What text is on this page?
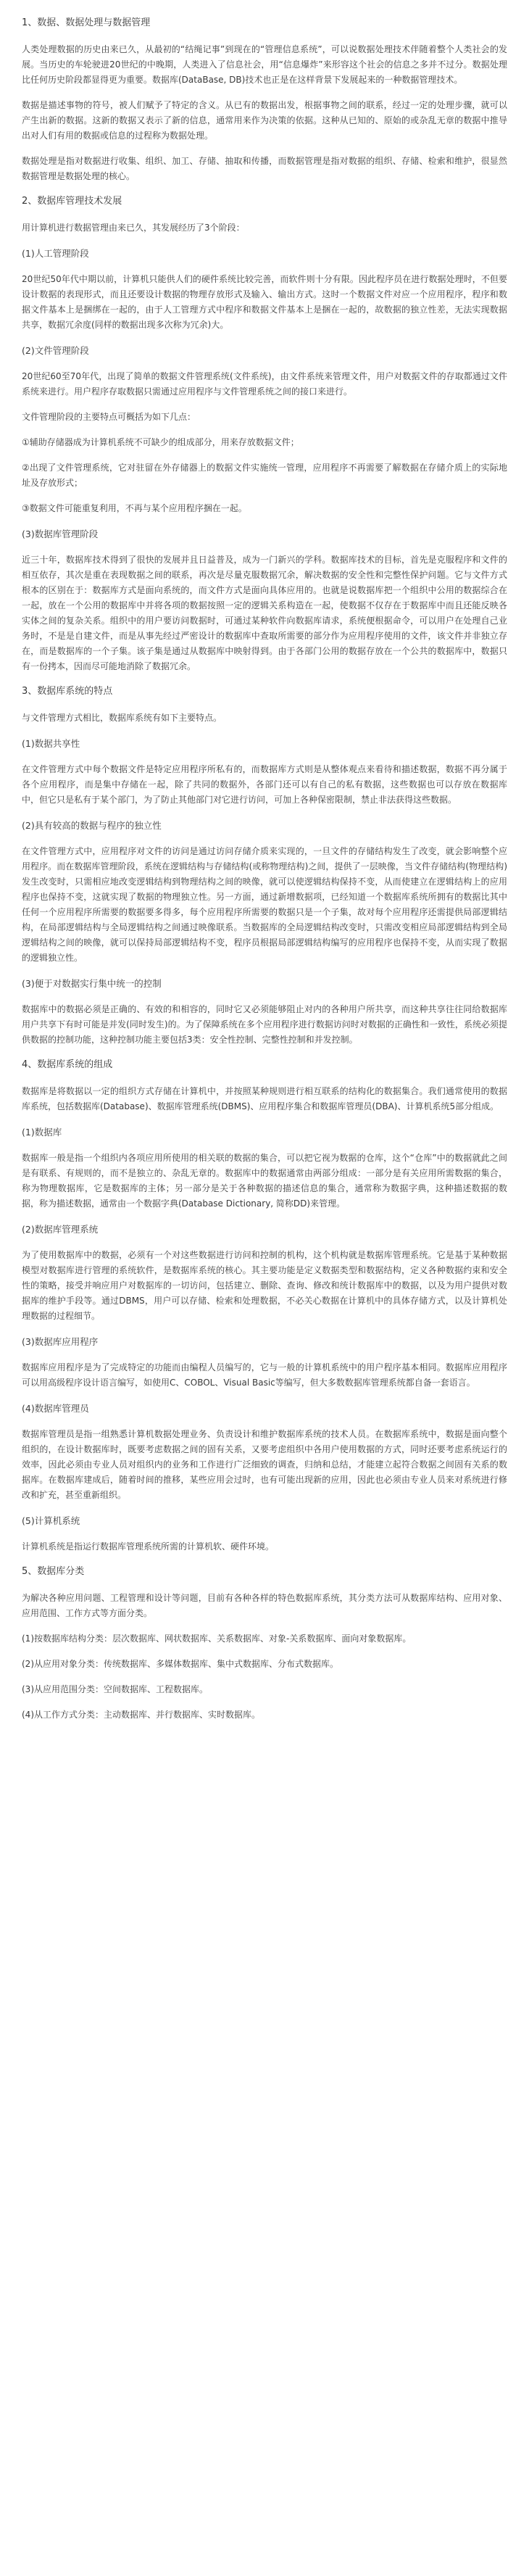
1、数据、数据处理与数据管理

人类处理数据的历史由来已久，从最初的“结绳记事”到现在的“管理信息系统”，可以说数据处理技术伴随着整个人类社会的发展。当历史的车轮驶进20世纪的中晚期，人类进入了信息社会，用“信息爆炸”来形容这个社会的信息之多并不过分。数据处理比任何历史阶段都显得更为重要。数据库(DataBase, DB)技术也正是在这样背景下发展起来的一种数据管理技术。

数据是描述事物的符号，被人们赋予了特定的含义。从已有的数据出发，根据事物之间的联系，经过一定的处理步骤，就可以产生出新的数据。这新的数据又表示了新的信息，通常用来作为决策的依据。这种从已知的、原始的或杂乱无章的数据中推导出对人们有用的数据或信息的过程称为数据处理。

数据处理是指对数据进行收集、组织、加工、存储、抽取和传播，而数据管理是指对数据的组织、存储、检索和维护，很显然数据管理是数据处理的核心。

2、数据库管理技术发展

用计算机进行数据管理由来已久，其发展经历了3个阶段：

(1)人工管理阶段

20世纪50年代中期以前，计算机只能供人们的硬件系统比较完善，而软件则十分有限。因此程序员在进行数据处理时，不但要设计数据的表现形式，而且还要设计数据的物理存放形式及输入、输出方式。这时一个数据文件对应一个应用程序，程序和数据文件基本上是捆绑在一起的，由于人工管理方式中程序和数据文件基本上是捆在一起的，故数据的独立性差，无法实现数据共享，数据冗余度(同样的数据出现多次称为冗余)大。

(2)文件管理阶段

20世纪60至70年代，出现了简单的数据文件管理系统(文件系统)，由文件系统来管理文件，用户对数据文件的存取都通过文件系统来进行。用户程序存取数据只需通过应用程序与文件管理系统之间的接口来进行。

文件管理阶段的主要特点可概括为如下几点：

①辅助存储器成为计算机系统不可缺少的组成部分，用来存放数据文件；

②出现了文件管理系统，它对驻留在外存储器上的数据文件实施统一管理，应用程序不再需要了解数据在存储介质上的实际地址及存放形式；

③数据文件可能重复利用，不再与某个应用程序捆在一起。

(3)数据库管理阶段

近三十年，数据库技术得到了很快的发展并且日益普及，成为一门新兴的学科。数据库技术的目标，首先是克服程序和文件的相互依存，其次是重在表现数据之间的联系，再次是尽量克服数据冗余，解决数据的安全性和完整性保护问题。它与文件方式根本的区别在于：数据库方式是面向系统的，而文件方式是面向具体应用的。也就是说数据库把一个组织中公用的数据综合在一起，放在一个公用的数据库中并将各项的数据按照一定的逻辑关系构造在一起，使数据不仅存在于数据库中而且还能反映各实体之间的复杂关系。组织中的用户要访问数据时，可通过某种软件向数据库请求，系统便根据命令，可以用户在处理自己业务时，不是是自建文件，而是从事先经过严密设计的数据库中查取所需要的部分作为应用程序使用的文件，该文件并非独立存在，而是数据库的一个子集。该子集是通过从数据库中映射得到。由于各部门公用的数据存放在一个公共的数据库中，数据只有一份拷本，因而尽可能地消除了数据冗余。

3、数据库系统的特点

与文件管理方式相比，数据库系统有如下主要特点。

(1)数据共享性

在文件管理方式中每个数据文件是特定应用程序所私有的，而数据库方式则是从整体观点来看待和描述数据，数据不再分属于各个应用程序，而是集中存储在一起，除了共同的数据外，各部门还可以有自己的私有数据，这些数据也可以存放在数据库中，但它只是私有于某个部门，为了防止其他部门对它进行访问，可加上各种保密限制，禁止非法获得这些数据。

(2)具有较高的数据与程序的独立性

在文件管理方式中，应用程序对文件的访问是通过访问存储介质来实现的，一旦文件的存储结构发生了改变，就会影响整个应用程序。而在数据库管理阶段，系统在逻辑结构与存储结构(或称物理结构)之间，提供了一层映像，当文件存储结构(物理结构)发生改变时，只需相应地改变逻辑结构到物理结构之间的映像，就可以使逻辑结构保持不变，从而使建立在逻辑结构上的应用程序也保持不变，这就实现了数据的物理独立性。另一方面，通过新增数据项，已经知道一个数据库系统所拥有的数据比其中任何一个应用程序所需要的数据要多得多，每个应用程序所需要的数据只是一个子集，故对每个应用程序还需提供局部逻辑结构，在局部逻辑结构与全局逻辑结构之间通过映像联系。当数据库的全局逻辑结构改变时，只需改变相应局部逻辑结构到全局逻辑结构之间的映像，就可以保持局部逻辑结构不变，程序员根据局部逻辑结构编写的应用程序也保持不变，从而实现了数据的逻辑独立性。

(3)便于对数据实行集中统一的控制

数据库中的数据必须是正确的、有效的和相容的，同时它又必须能够阻止对内的各种用户所共享，而这种共享往往同给数据库用户共享下有时可能是并发(同时发生)的。为了保障系统在多个应用程序进行数据访问时对数据的正确性和一致性，系统必须提供数据的控制功能，这种控制功能主要包括3类：安全性控制、完整性控制和并发控制。

4、数据库系统的组成

数据库是将数据以一定的组织方式存储在计算机中，并按照某种规则进行相互联系的结构化的数据集合。我们通常使用的数据库系统，包括数据库(Database)、数据库管理系统(DBMS)、应用程序集合和数据库管理员(DBA)、计算机系统5部分组成。

(1)数据库

数据库一般是指一个组织内各项应用所使用的相关联的数据的集合，可以把它视为数据的仓库，这个“仓库”中的数据就此之间是有联系、有规则的，而不是独立的、杂乱无章的。数据库中的数据通常由两部分组成：一部分是有关应用所需数据的集合，称为物理数据库，它是数据库的主体；另一部分是关于各种数据的描述信息的集合，通常称为数据字典，这种描述数据的数据，称为描述数据，通常由一个数据字典(Database Dictionary, 简称DD)来管理。

(2)数据库管理系统

为了使用数据库中的数据，必须有一个对这些数据进行访问和控制的机构，这个机构就是数据库管理系统。它是基于某种数据模型对数据库进行管理的系统软件，是数据库系统的核心。其主要功能是定义数据类型和数据结构，定义各种数据约束和安全性的策略，接受并响应用户对数据库的一切访问，包括建立、删除、查询、修改和统计数据库中的数据，以及为用户提供对数据库的维护手段等。通过DBMS，用户可以存储、检索和处理数据，不必关心数据在计算机中的具体存储方式，以及计算机处理数据的过程细节。

(3)数据库应用程序

数据库应用程序是为了完成特定的功能而由编程人员编写的，它与一般的计算机系统中的用户程序基本相同。数据库应用程序可以用高级程序设计语言编写，如使用C、COBOL、Visual Basic等编写，但大多数数据库管理系统都自备一套语言。

(4)数据库管理员

数据库管理员是指一组熟悉计算机数据处理业务、负责设计和维护数据库系统的技术人员。在数据库系统中，数据是面向整个组织的，在设计数据库时，既要考虑数据之间的固有关系，又要考虑组织中各用户使用数据的方式，同时还要考虑系统运行的效率，因此必须由专业人员对组织内的业务和工作进行广泛细致的调查，归纳和总结，才能建立起符合数据之间固有关系的数据库。在数据库建成后，随着时间的推移，某些应用会过时，也有可能出现新的应用，因此也必须由专业人员来对系统进行修改和扩充，甚至重新组织。

(5)计算机系统

计算机系统是指运行数据库管理系统所需的计算机软、硬件环境。

5、数据库分类

为解决各种应用问题、工程管理和设计等问题，目前有各种各样的特色数据库系统，其分类方法可从数据库结构、应用对象、应用范围、工作方式等方面分类。

(1)按数据库结构分类：层次数据库、网状数据库、关系数据库、对象-关系数据库、面向对象数据库。

(2)从应用对象分类：传统数据库、多媒体数据库、集中式数据库、分布式数据库。

(3)从应用范围分类：空间数据库、工程数据库。

(4)从工作方式分类：主动数据库、并行数据库、实时数据库。
